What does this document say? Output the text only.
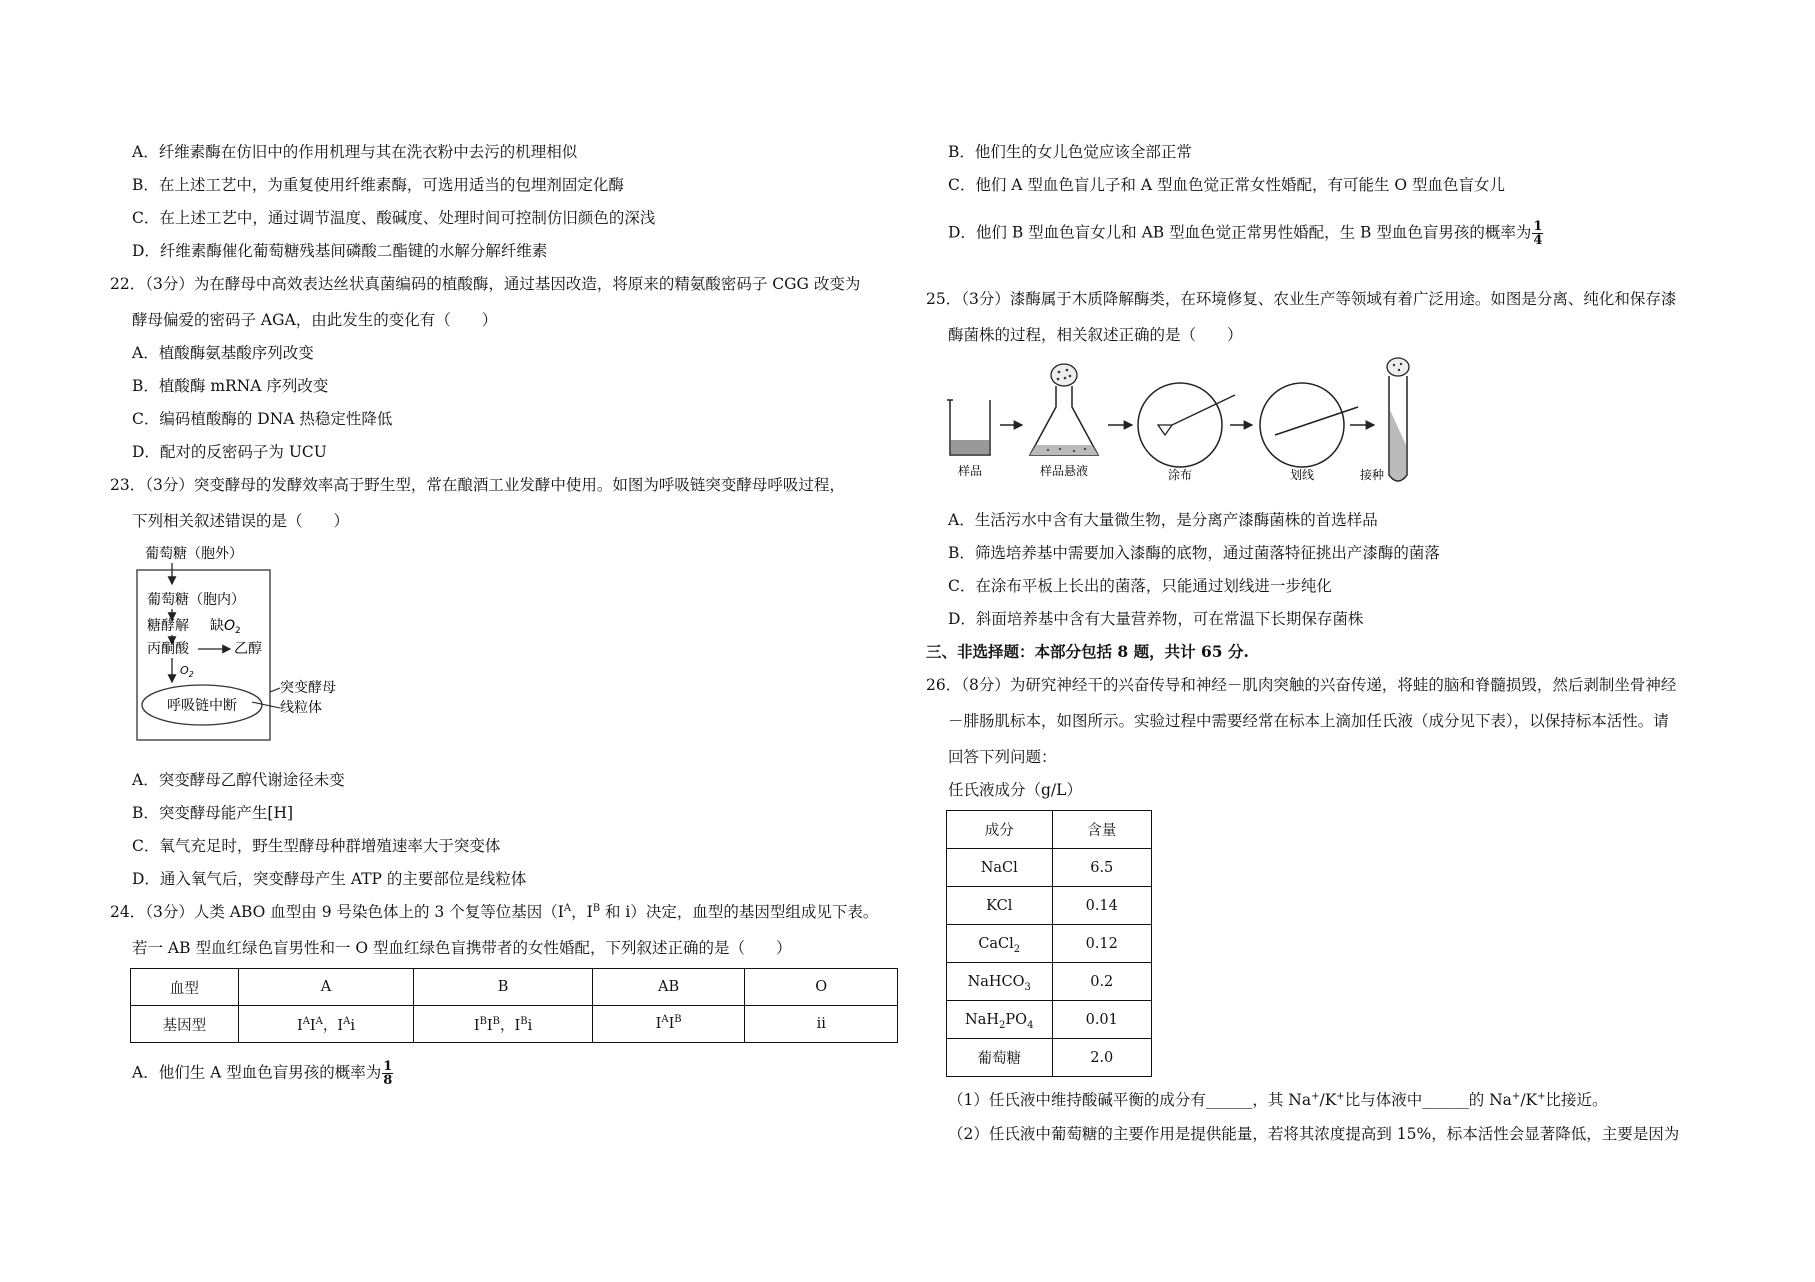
A．纤维素酶在仿旧中的作用机理与其在洗衣粉中去污的机理相似
B．在上述工艺中，为重复使用纤维素酶，可选用适当的包埋剂固定化酶
C．在上述工艺中，通过调节温度、酸碱度、处理时间可控制仿旧颜色的深浅
D．纤维素酶催化葡萄糖残基间磷酸二酯键的水解分解纤维素
22．（3分）为在酵母中高效表达丝状真菌编码的植酸酶，通过基因改造，将原来的精氨酸密码子 CGG 改变为
酵母偏爱的密码子 AGA，由此发生的变化有（　　）
A．植酸酶氨基酸序列改变
B．植酸酶 mRNA 序列改变
C．编码植酸酶的 DNA 热稳定性降低
D．配对的反密码子为 UCU
23．（3分）突变酵母的发酵效率高于野生型，常在酿酒工业发酵中使用。如图为呼吸链突变酵母呼吸过程，
下列相关叙述错误的是（　　）
葡萄糖（胞外）
葡萄糖（胞内）
糖酵解 缺$O_2$
丙酮酸	乙醇
$O_2$
呼吸链中断
突变酵母
线粒体
A．突变酵母乙醇代谢途径未变
B．突变酵母能产生[H]
C．氧气充足时，野生型酵母种群增殖速率大于突变体
D．通入氧气后，突变酵母产生 ATP 的主要部位是线粒体
24．（3分）人类 ABO 血型由 9 号染色体上的 3 个复等位基因（$I^A$，$I^B$ 和 i）决定，血型的基因型组成见下表。
若一 AB 型血红绿色盲男性和一 O 型血红绿色盲携带者的女性婚配，下列叙述正确的是（　　）
血型	A	B	AB	O
基因型	$I^AI^A$，$I^Ai$	$I^BI^B$，$I^Bi$	$I^AI^B$	ii
A．他们生 A 型血色盲男孩的概率为 $\frac{1}{8}$
B．他们生的女儿色觉应该全部正常
C．他们 A 型血色盲儿子和 A 型血色觉正常女性婚配，有可能生 O 型血色盲女儿
D．他们 B 型血色盲女儿和 AB 型血色觉正常男性婚配，生 B 型血色盲男孩的概率为 $\frac{1}{4}$
25．（3分）漆酶属于木质降解酶类，在环境修复、农业生产等领域有着广泛用途。如图是分离、纯化和保存漆
酶菌株的过程，相关叙述正确的是（　　）
样品	样品悬液	涂布	划线	接种
A．生活污水中含有大量微生物，是分离产漆酶菌株的首选样品
B．筛选培养基中需要加入漆酶的底物，通过菌落特征挑出产漆酶的菌落
C．在涂布平板上长出的菌落，只能通过划线进一步纯化
D．斜面培养基中含有大量营养物，可在常温下长期保存菌株
三、非选择题：本部分包括 8 题，共计 65 分.
26．（8分）为研究神经干的兴奋传导和神经－肌肉突触的兴奋传递，将蛙的脑和脊髓损毁，然后剥制坐骨神经
－腓肠肌标本，如图所示。实验过程中需要经常在标本上滴加任氏液（成分见下表），以保持标本活性。请
回答下列问题：
任氏液成分（g/L）
成分	含量
NaCl	6.5
KCl	0.14
CaCl$_2$	0.12
NaHCO$_3$	0.2
$NaH_2PO_4$	0.01
葡萄糖	2.0
（1）任氏液中维持酸碱平衡的成分有______，其 Na+/K+比与体液中______的 Na+/K+比接近。
（2）任氏液中葡萄糖的主要作用是提供能量，若将其浓度提高到 15%，标本活性会显著降低，主要是因为
